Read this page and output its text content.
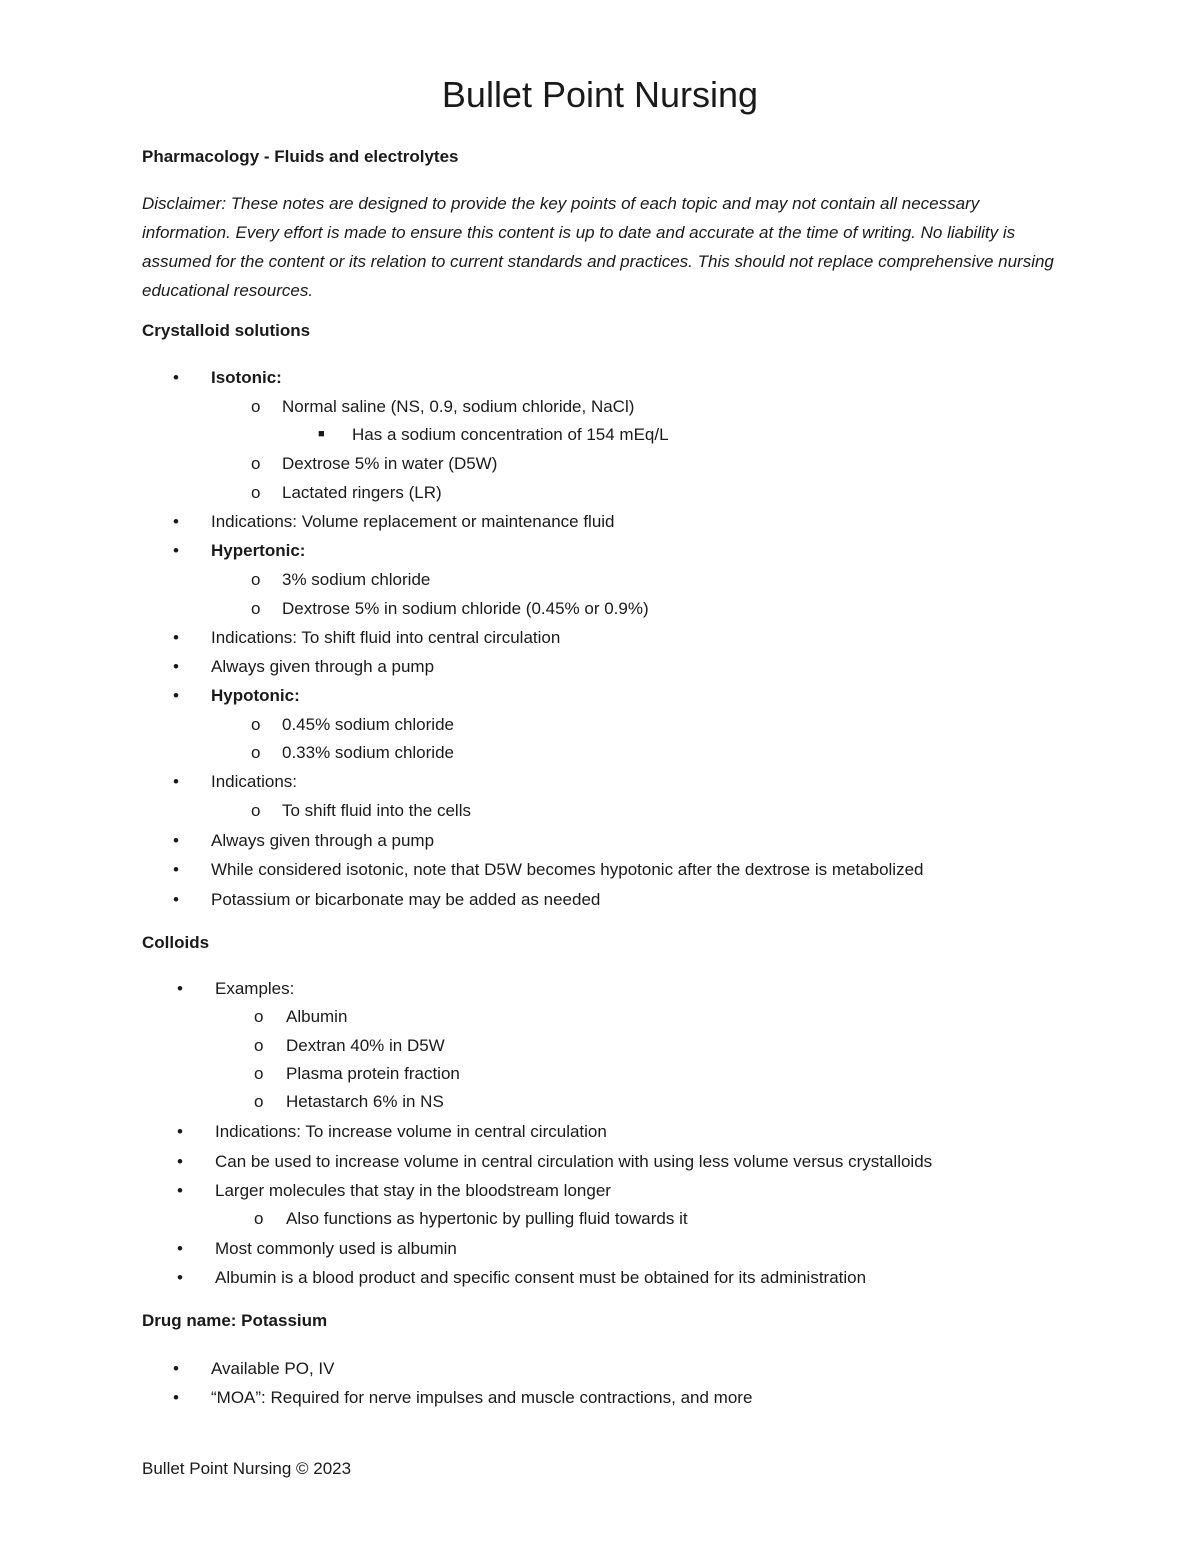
Bullet Point Nursing
Pharmacology - Fluids and electrolytes
Disclaimer: These notes are designed to provide the key points of each topic and may not contain all necessary information. Every effort is made to ensure this content is up to date and accurate at the time of writing. No liability is assumed for the content or its relation to current standards and practices. This should not replace comprehensive nursing educational resources.
Crystalloid solutions
• Isotonic:
o Normal saline (NS, 0.9, sodium chloride, NaCl)
■ Has a sodium concentration of 154 mEq/L
o Dextrose 5% in water (D5W)
o Lactated ringers (LR)
• Indications: Volume replacement or maintenance fluid
• Hypertonic:
o 3% sodium chloride
o Dextrose 5% in sodium chloride (0.45% or 0.9%)
• Indications: To shift fluid into central circulation
• Always given through a pump
• Hypotonic:
o 0.45% sodium chloride
o 0.33% sodium chloride
• Indications:
o To shift fluid into the cells
• Always given through a pump
• While considered isotonic, note that D5W becomes hypotonic after the dextrose is metabolized
• Potassium or bicarbonate may be added as needed
Colloids
• Examples:
o Albumin
o Dextran 40% in D5W
o Plasma protein fraction
o Hetastarch 6% in NS
• Indications: To increase volume in central circulation
• Can be used to increase volume in central circulation with using less volume versus crystalloids
• Larger molecules that stay in the bloodstream longer
o Also functions as hypertonic by pulling fluid towards it
• Most commonly used is albumin
• Albumin is a blood product and specific consent must be obtained for its administration
Drug name: Potassium
• Available PO, IV
• “MOA”: Required for nerve impulses and muscle contractions, and more
Bullet Point Nursing © 2023
